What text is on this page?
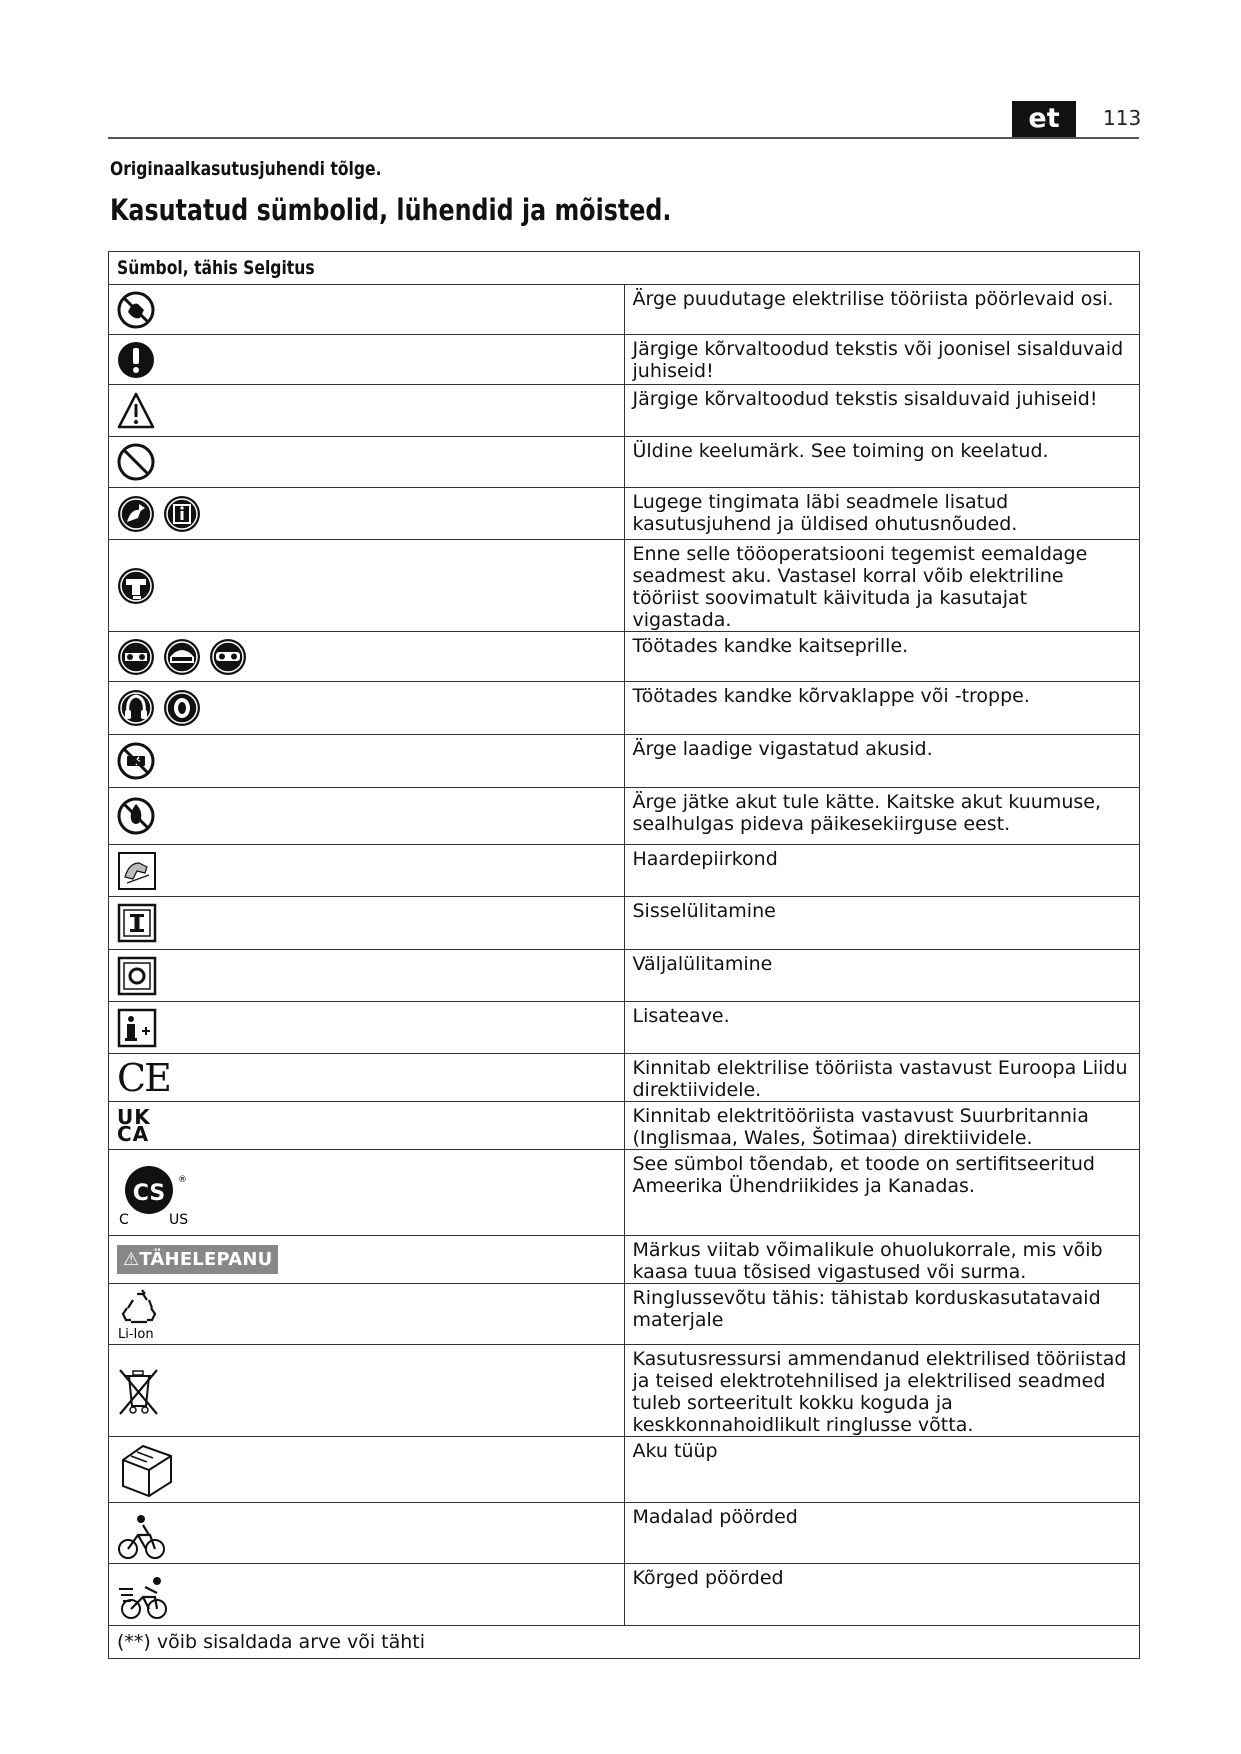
et	113
Originaalkasutusjuhendi tõlge.
Kasutatud sümbolid, lühendid ja mõisted.
Sümbol, tähis Selgitus	

	Ärge puudutage elektrilise tööriista pöörlevaid osi.

	Järgige kõrvaltoodud tekstis või joonisel sisalduvaid juhiseid!

	Järgige kõrvaltoodud tekstis sisalduvaid juhiseid!

	Üldine keelumärk. See toiming on keelatud.

	Lugege tingimata läbi seadmele lisatud kasutusjuhend ja üldised ohutusnõuded.

	Enne selle tööoperatsiooni tegemist eemaldage seadmest aku. Vastasel korral võib elektriline tööriist soovimatult käivituda ja kasutajat vigastada.

	Töötades kandke kaitseprille.

	Töötades kandke kõrvaklappe või -troppe.

	Ärge laadige vigastatud akusid.

	Ärge jätke akut tule kätte. Kaitske akut kuumuse, sealhulgas pideva päikesekiirguse eest.

	Haardepiirkond

	Sisselülitamine

	Väljalülitamine

	Lisateave.
CE	Kinnitab elektrilise tööriista vastavust Euroopa Liidu direktiividele.

UK
CA	Kinnitab elektritööriista vastavust Suurbritannia (Inglismaa, Wales, Šotimaa) direktiividele.

CS
®
C US	See sümbol tõendab, et toode on sertifitseeritud Ameerika Ühendriikides ja Kanadas.
⚠TÄHELEPANU	Märkus viitab võimalikule ohuolukorrale, mis võib kaasa tuua tõsised vigastused või surma.

Li-Ion	Ringlussevõtu tähis: tähistab korduskasutatavaid materjale

	Kasutusressursi ammendanud elektrilised tööriistad ja teised elektrotehnilised ja elektrilised seadmed tuleb sorteeritult kokku koguda ja keskkonnahoidlikult ringlusse võtta.

	Aku tüüp

	Madalad pöörded

	Kõrged pöörded
(**) võib sisaldada arve või tähti	
